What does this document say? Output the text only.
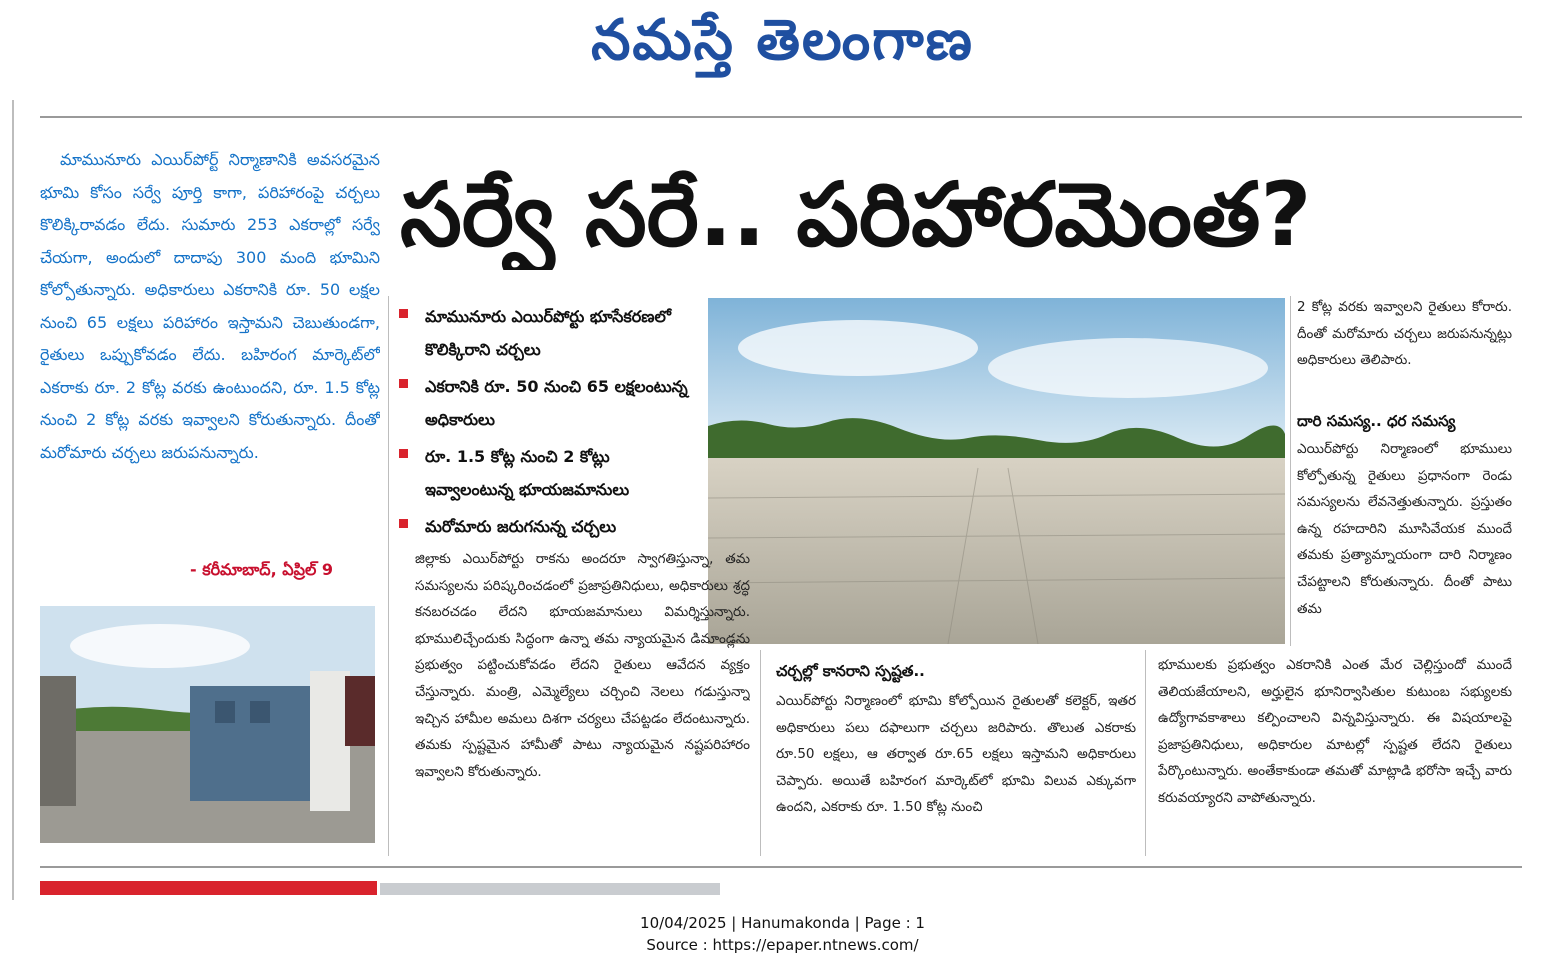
నమస్తే తెలంగాణ

మామునూరు ఎయిర్‌పోర్ట్ నిర్మాణానికి అవసరమైన భూమి కోసం సర్వే పూర్తి కాగా, పరిహారంపై చర్చలు కొలిక్కిరావడం లేదు. సుమారు 253 ఎకరాల్లో సర్వే చేయగా, అందులో దాదాపు 300 మంది భూమిని కోల్పోతున్నారు. అధికారులు ఎకరానికి రూ. 50 లక్షల నుంచి 65 లక్షలు పరిహారం ఇస్తామని చెబుతుండగా, రైతులు ఒప్పుకోవడం లేదు. బహిరంగ మార్కెట్‌లో ఎకరాకు రూ. 2 కోట్ల వరకు ఉంటుందని, రూ. 1.5 కోట్ల నుంచి 2 కోట్ల వరకు ఇవ్వాలని కోరుతున్నారు. దీంతో మరోమారు చర్చలు జరుపనున్నారు.

- కరీమాబాద్, ఏప్రిల్ 9
సర్వే సరే.. పరిహారమెంత?
మామునూరు ఎయిర్‌పోర్టు భూసేకరణలో కొలిక్కిరాని చర్చలు
ఎకరానికి రూ. 50 నుంచి 65 లక్షలంటున్న అధికారులు
రూ. 1.5 కోట్ల నుంచి 2 కోట్లు ఇవ్వాలంటున్న భూయజమానులు
మరోమారు జరుగనున్న చర్చలు
జిల్లాకు ఎయిర్‌పోర్టు రాకను అందరూ స్వాగతిస్తున్నా, తమ సమస్యలను పరిష్కరించడంలో ప్రజాప్రతినిధులు, అధికారులు శ్రద్ధ కనబరచడం లేదని భూయజమానులు విమర్శిస్తున్నారు. భూములిచ్చేందుకు సిద్ధంగా ఉన్నా తమ న్యాయమైన డిమాండ్లను ప్రభుత్వం పట్టించుకోవడం లేదని రైతులు ఆవేదన వ్యక్తం చేస్తున్నారు. మంత్రి, ఎమ్మెల్యేలు చర్చించి నెలలు గడుస్తున్నా ఇచ్చిన హామీల అమలు దిశగా చర్యలు చేపట్టడం లేదంటున్నారు. తమకు స్పష్టమైన హామీతో పాటు న్యాయమైన నష్టపరిహారం ఇవ్వాలని కోరుతున్నారు.
చర్చల్లో కానరాని స్పష్టత..
ఎయిర్‌పోర్టు నిర్మాణంలో భూమి కోల్పోయిన రైతులతో కలెక్టర్, ఇతర అధికారులు పలు దఫాలుగా చర్చలు జరిపారు. తొలుత ఎకరాకు రూ.50 లక్షలు, ఆ తర్వాత రూ.65 లక్షలు ఇస్తామని అధికారులు చెప్పారు. అయితే బహిరంగ మార్కెట్‌లో భూమి విలువ ఎక్కువగా ఉందని, ఎకరాకు రూ. 1.50 కోట్ల నుంచి
2 కోట్ల వరకు ఇవ్వాలని రైతులు కోరారు. దీంతో మరోమారు చర్చలు జరుపనున్నట్లు అధికారులు తెలిపారు.
దారి సమస్య.. ధర సమస్య
ఎయిర్‌పోర్టు నిర్మాణంలో భూములు కోల్పోతున్న రైతులు ప్రధానంగా రెండు సమస్యలను లేవనెత్తుతున్నారు. ప్రస్తుతం ఉన్న రహదారిని మూసివేయక ముందే తమకు ప్రత్యామ్నాయంగా దారి నిర్మాణం చేపట్టాలని కోరుతున్నారు. దీంతో పాటు తమ
భూములకు ప్రభుత్వం ఎకరానికి ఎంత మేర చెల్లిస్తుందో ముందే తెలియజేయాలని, అర్హులైన భూనిర్వాసితుల కుటుంబ సభ్యులకు ఉద్యోగావకాశాలు కల్పించాలని విన్నవిస్తున్నారు. ఈ విషయాలపై ప్రజాప్రతినిధులు, అధికారుల మాటల్లో స్పష్టత లేదని రైతులు పేర్కొంటున్నారు. అంతేకాకుండా తమతో మాట్లాడి భరోసా ఇచ్చే వారు కరువయ్యారని వాపోతున్నారు.
10/04/2025 | Hanumakonda | Page : 1
Source : https://epaper.ntnews.com/
